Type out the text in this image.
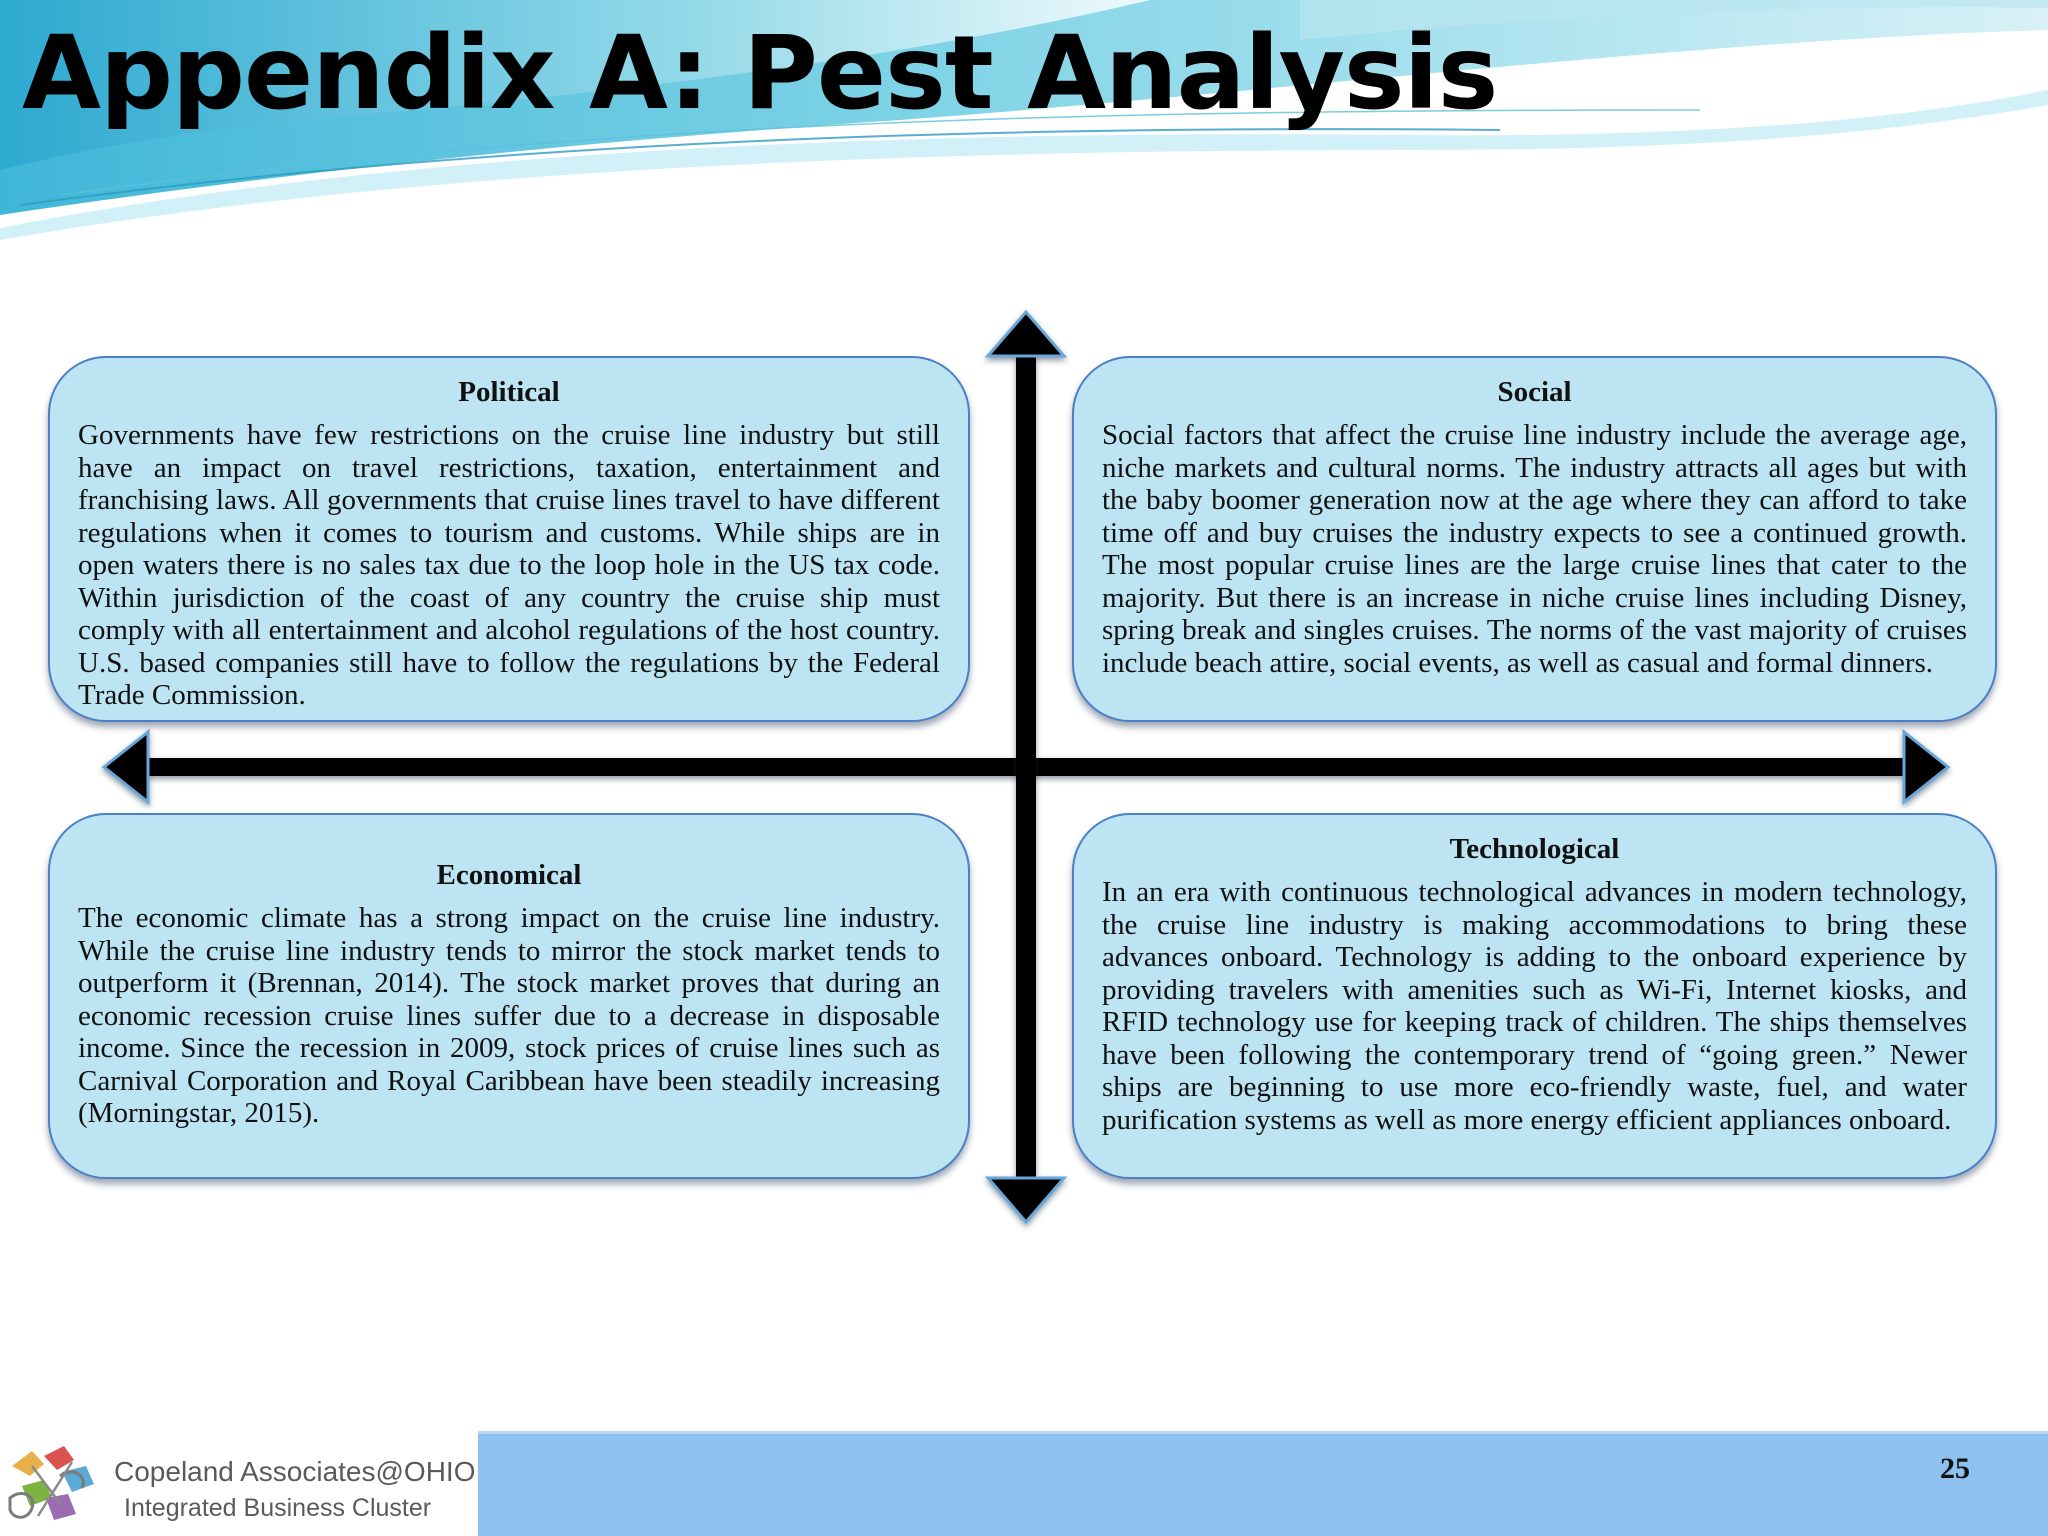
Appendix A: Pest Analysis
Political
Governments have few restrictions on the cruise line industry but still have an impact on travel restrictions, taxation, entertainment and franchising laws. All governments that cruise lines travel to have different regulations when it comes to tourism and customs. While ships are in open waters there is no sales tax due to the loop hole in the US tax code. Within jurisdiction of the coast of any country the cruise ship must comply with all entertainment and alcohol regulations of the host country. U.S. based companies still have to follow the regulations by the Federal Trade Commission.
Social
Social factors that affect the cruise line industry include the average age, niche markets and cultural norms. The industry attracts all ages but with the baby boomer generation now at the age where they can afford to take time off and buy cruises the industry expects to see a continued growth. The most popular cruise lines are the large cruise lines that cater to the majority. But there is an increase in niche cruise lines including Disney, spring break and singles cruises. The norms of the vast majority of cruises include beach attire, social events, as well as casual and formal dinners.
Economical
The economic climate has a strong impact on the cruise line industry. While the cruise line industry tends to mirror the stock market tends to outperform it (Brennan, 2014). The stock market proves that during an economic recession cruise lines suffer due to a decrease in disposable income. Since the recession in 2009, stock prices of cruise lines such as Carnival Corporation and Royal Caribbean have been steadily increasing (Morningstar, 2015).
Technological
In an era with continuous technological advances in modern technology, the cruise line industry is making accommodations to bring these advances onboard. Technology is adding to the onboard experience by providing travelers with amenities such as Wi-Fi, Internet kiosks, and RFID technology use for keeping track of children. The ships themselves have been following the contemporary trend of “going green.” Newer ships are beginning to use more eco-friendly waste, fuel, and water purification systems as well as more energy efficient appliances onboard.
25

Copeland Associates@OHIO

Integrated Business Cluster
